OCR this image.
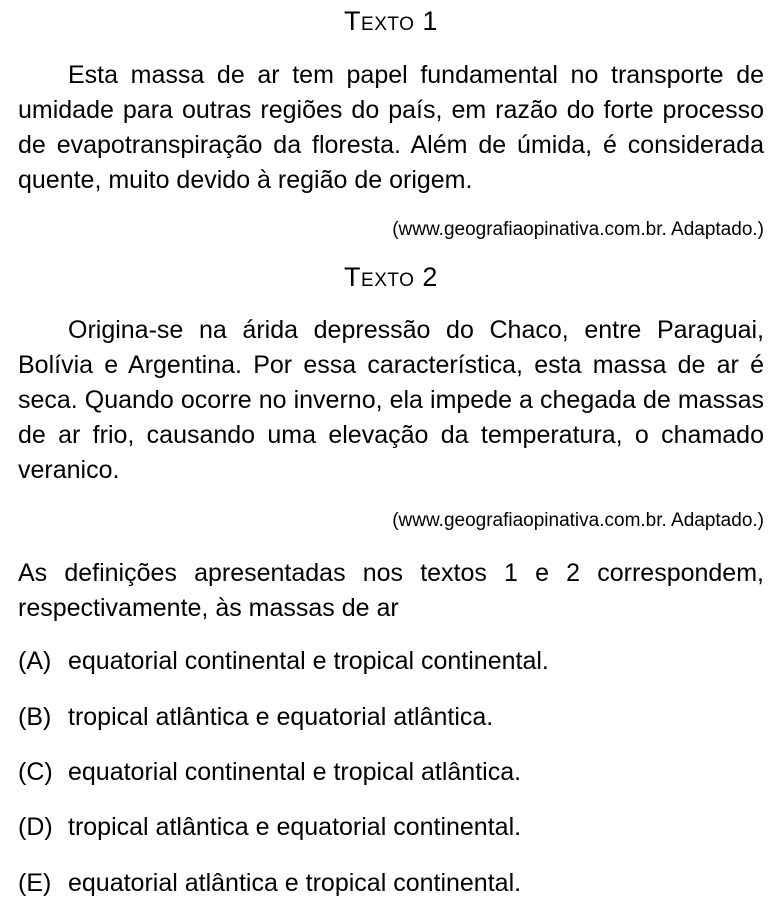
Texto 1
Esta massa de ar tem papel fundamental no transporte de umidade para outras regiões do país, em razão do forte processo de evapotranspiração da floresta. Além de úmida, é considerada quente, muito devido à região de origem.
(www.geografiaopinativa.com.br. Adaptado.)
Texto 2
Origina-se na árida depressão do Chaco, entre Paraguai, Bolívia e Argentina. Por essa característica, esta massa de ar é seca. Quando ocorre no inverno, ela impede a chegada de massas de ar frio, causando uma elevação da temperatura, o chamado veranico.
(www.geografiaopinativa.com.br. Adaptado.)
As definições apresentadas nos textos 1 e 2 correspondem, respectivamente, às massas de ar
(A) equatorial continental e tropical continental.
(B) tropical atlântica e equatorial atlântica.
(C) equatorial continental e tropical atlântica.
(D) tropical atlântica e equatorial continental.
(E) equatorial atlântica e tropical continental.
